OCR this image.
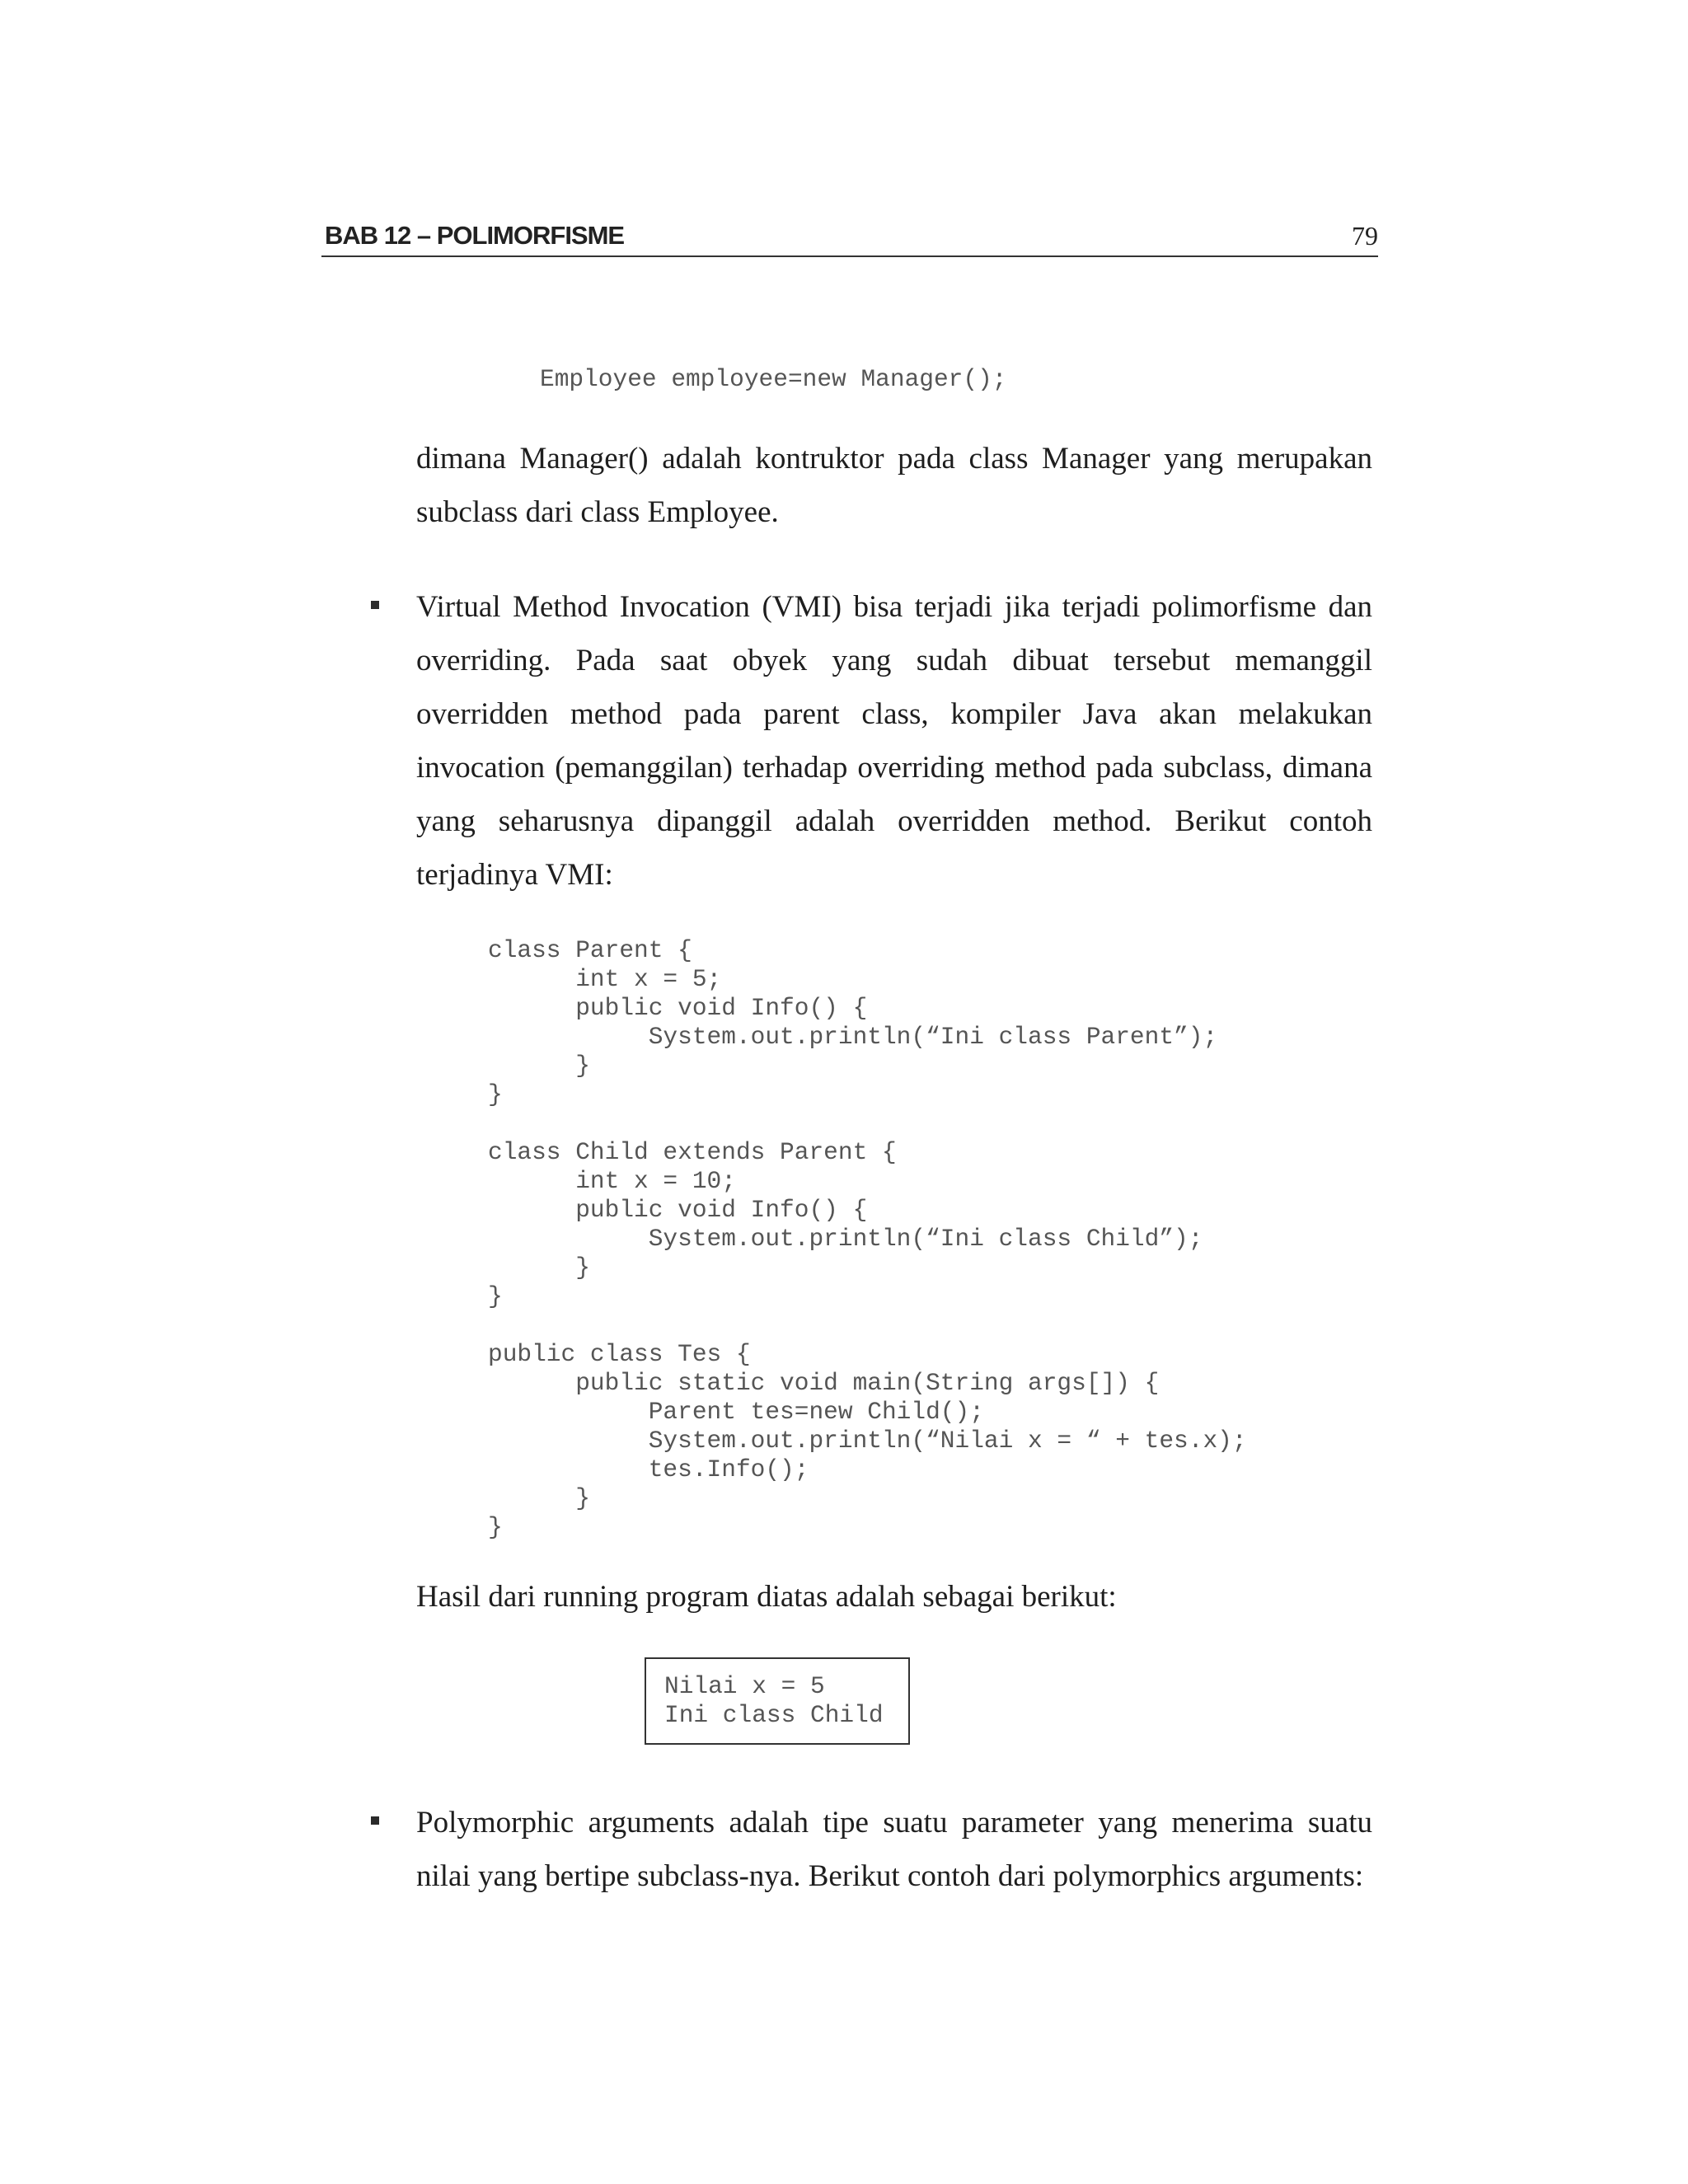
BAB 12 – POLIMORFISME	79
Employee employee=new Manager();
dimana Manager() adalah kontruktor pada class Manager yang merupakan
subclass dari class Employee.
Virtual Method Invocation (VMI) bisa terjadi jika terjadi polimorfisme dan
overriding. Pada saat obyek yang sudah dibuat tersebut memanggil
overridden method pada parent class, kompiler Java akan melakukan
invocation (pemanggilan) terhadap overriding method pada subclass, dimana
yang seharusnya dipanggil adalah overridden method. Berikut contoh
terjadinya VMI:
class Parent {
int x = 5;
public void Info() {
System.out.println(“Ini class Parent”);
}
}
class Child extends Parent {
int x = 10;
public void Info() {
System.out.println(“Ini class Child”);
}
}
public class Tes {
public static void main(String args[]) {
Parent tes=new Child();
System.out.println(“Nilai x = “ + tes.x);
tes.Info();
}
}
Hasil dari running program diatas adalah sebagai berikut:
Nilai x = 5
Ini class Child
Polymorphic arguments adalah tipe suatu parameter yang menerima suatu
nilai yang bertipe subclass-nya. Berikut contoh dari polymorphics arguments:
